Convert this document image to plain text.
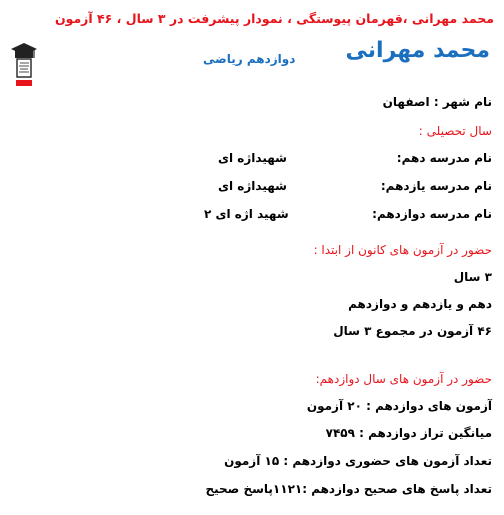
محمد مهرانی ،قهرمان پیوستگی ، نمودار پیشرفت در ۳ سال ، ۴۶ آزمون
محمد مهرانی
دوازدهم ریاضی
نام شهر : اصفهان
سال تحصیلی :
نام مدرسه دهم:
شهیداژه ای
نام مدرسه یازدهم:
شهیداژه ای
نام مدرسه دوازدهم:
شهید اژه ای ۲
حضور در آزمون های کانون از ابتدا :
۳ سال
دهم و یازدهم و دوازدهم
۴۶ آزمون در مجموع ۳ سال
حضور در آزمون های سال دوازدهم:
آزمون های دوازدهم : ۲۰ آزمون
میانگین تراز دوازدهم : ۷۴۵۹
تعداد آزمون های حضوری دوازدهم : ۱۵ آزمون
تعداد پاسخ های صحیح دوازدهم :۱۱۲۱پاسخ صحیح
